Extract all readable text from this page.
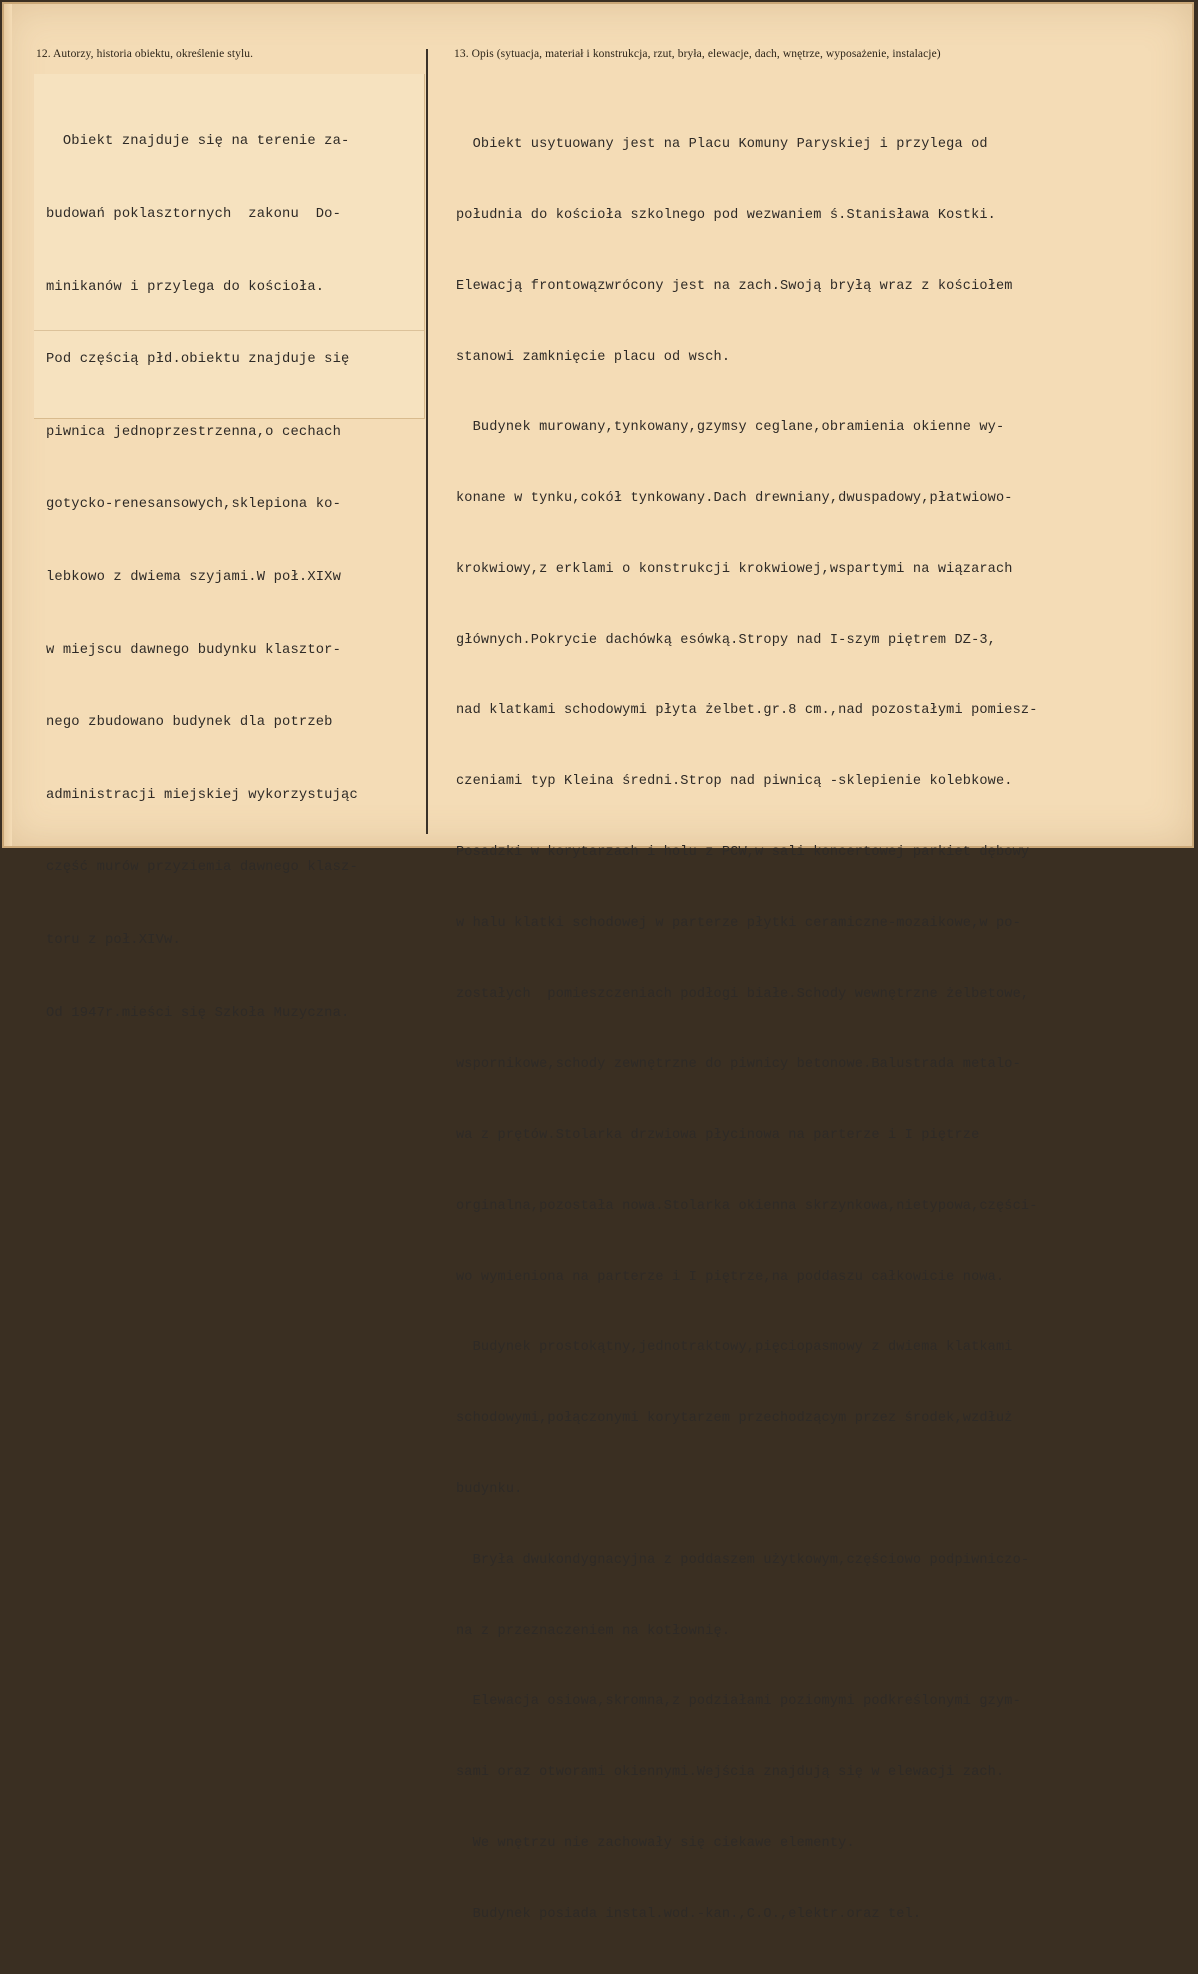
12. Autorzy, historia obiektu, określenie stylu.	13. Opis (sytuacja, materiał i konstrukcja, rzut, bryła, elewacje, dach, wnętrze, wyposażenie, instalacje)

Obiekt znajduje się na terenie za-

budowań poklasztornych  zakonu  Do-

minikanów i przylega do kościoła.

Pod częścią płd.obiektu znajduje się

piwnica jednoprzestrzenna,o cechach

gotycko-renesansowych,sklepiona ko-

lebkowo z dwiema szyjami.W poł.XIXw

w miejscu dawnego budynku klasztor-

nego zbudowano budynek dla potrzeb

administracji miejskiej wykorzystując

część murów przyziemia dawnego klasz-

toru z poł.XIVw.

Od 1947r.mieści się Szkoła Muzyczna.

Obiekt usytuowany jest na Placu Komuny Paryskiej i przylega od

południa do kościoła szkolnego pod wezwaniem ś.Stanisława Kostki.

Elewacją frontowązwrócony jest na zach.Swoją bryłą wraz z kościołem

stanowi zamknięcie placu od wsch.

Budynek murowany,tynkowany,gzymsy ceglane,obramienia okienne wy-

konane w tynku,cokół tynkowany.Dach drewniany,dwuspadowy,płatwiowo-

krokwiowy,z erklami o konstrukcji krokwiowej,wspartymi na wiązarach

głównych.Pokrycie dachówką esówką.Stropy nad I-szym piętrem DZ-3,

nad klatkami schodowymi płyta żelbet.gr.8 cm.,nad pozostałymi pomiesz-

czeniami typ Kleina średni.Strop nad piwnicą -sklepienie kolebkowe.

Posadzki w korytarzach i holu z PCW,w sali koncertowej parkiet dębowy

w halu klatki schodowej w parterze płytki ceramiczne-mozaikowe,w po-

zostałych  pomieszczeniach podłogi białe.Schody wewnętrzne żelbetowe,

wspornikowe,schody zewnętrzne do piwnicy betonowe.Balustrada metalo-

wa z prętów.Stolarka drzwiowa płycinowa na parterze i I piętrze

orginalna,pozostała nowa.Stolarka okienna skrzynkowa,nietypowa,części-

wo wymieniona na parterze i I piętrze,na poddaszu całkowicie nowa.

Budynek prostokątny,jednotraktowy,pięciopasmowy z dwiema klatkami

schodowymi,połączonymi korytarzem przechodzącym przez środek,wzdłuż

budynku.

Bryła dwukondygnacyjna z poddaszem użytkowym,częściowo podpiwniczo-

na z przeznaczeniem na kotłownię.

Elewacja osiowa,skromna,z podziałami poziomymi podkreślonymi gzym-

sami oraz otworami okiennymi.Wejścia znajdują się w elewacji zach.

We wnętrzu nie zachowały się ciekawe elementy.

Budynek posiada instal.wod.-kan.,C.O.,elektr.oraz tel.
